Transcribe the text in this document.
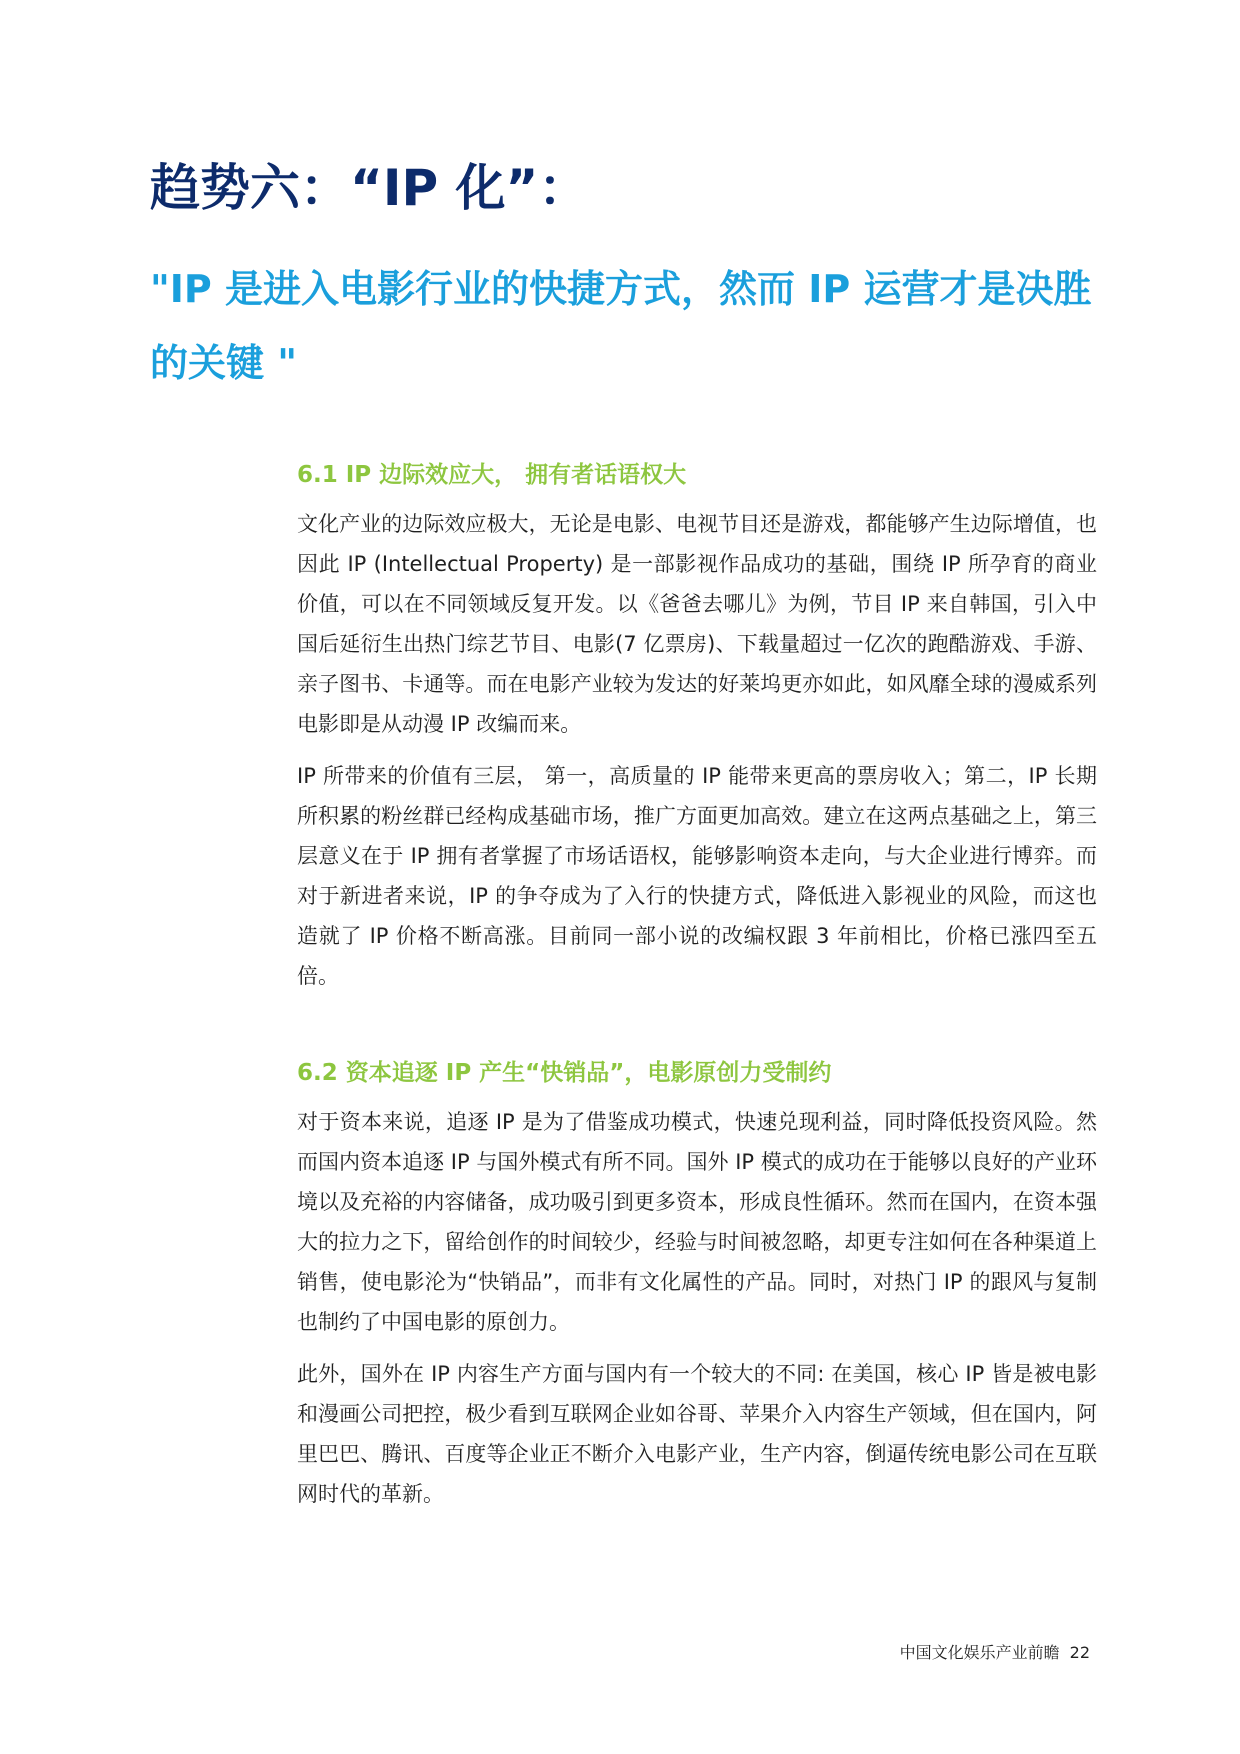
趋势六：“IP 化”：
"IP 是进入电影行业的快捷方式，然而 IP 运营才是决胜的关键 "
6.1 IP 边际效应大， 拥有者话语权大

文化产业的边际效应极大，无论是电影、电视节目还是游戏，都能够产生边际增值，也因此 IP (Intellectual Property) 是一部影视作品成功的基础，围绕 IP 所孕育的商业价值，可以在不同领域反复开发。以《爸爸去哪儿》为例，节目 IP 来自韩国，引入中国后延衍生出热门综艺节目、电影(7 亿票房)、下载量超过一亿次的跑酷游戏、手游、亲子图书、卡通等。而在电影产业较为发达的好莱坞更亦如此，如风靡全球的漫威系列电影即是从动漫 IP 改编而来。

IP 所带来的价值有三层， 第一，高质量的 IP 能带来更高的票房收入；第二，IP 长期所积累的粉丝群已经构成基础市场，推广方面更加高效。建立在这两点基础之上，第三层意义在于 IP 拥有者掌握了市场话语权，能够影响资本走向，与大企业进行博弈。而对于新进者来说，IP 的争夺成为了入行的快捷方式，降低进入影视业的风险，而这也造就了 IP 价格不断高涨。目前同一部小说的改编权跟 3 年前相比，价格已涨四至五倍。

6.2 资本追逐 IP 产生“快销品”，电影原创力受制约

对于资本来说，追逐 IP 是为了借鉴成功模式，快速兑现利益，同时降低投资风险。然而国内资本追逐 IP 与国外模式有所不同。国外 IP 模式的成功在于能够以良好的产业环境以及充裕的内容储备，成功吸引到更多资本，形成良性循环。然而在国内，在资本强大的拉力之下，留给创作的时间较少，经验与时间被忽略，却更专注如何在各种渠道上销售，使电影沦为“快销品”，而非有文化属性的产品。同时，对热门 IP 的跟风与复制也制约了中国电影的原创力。

此外，国外在 IP 内容生产方面与国内有一个较大的不同: 在美国，核心 IP 皆是被电影和漫画公司把控，极少看到互联网企业如谷哥、苹果介入内容生产领域，但在国内，阿里巴巴、腾讯、百度等企业正不断介入电影产业，生产内容，倒逼传统电影公司在互联网时代的革新。

中国文化娱乐产业前瞻 22
